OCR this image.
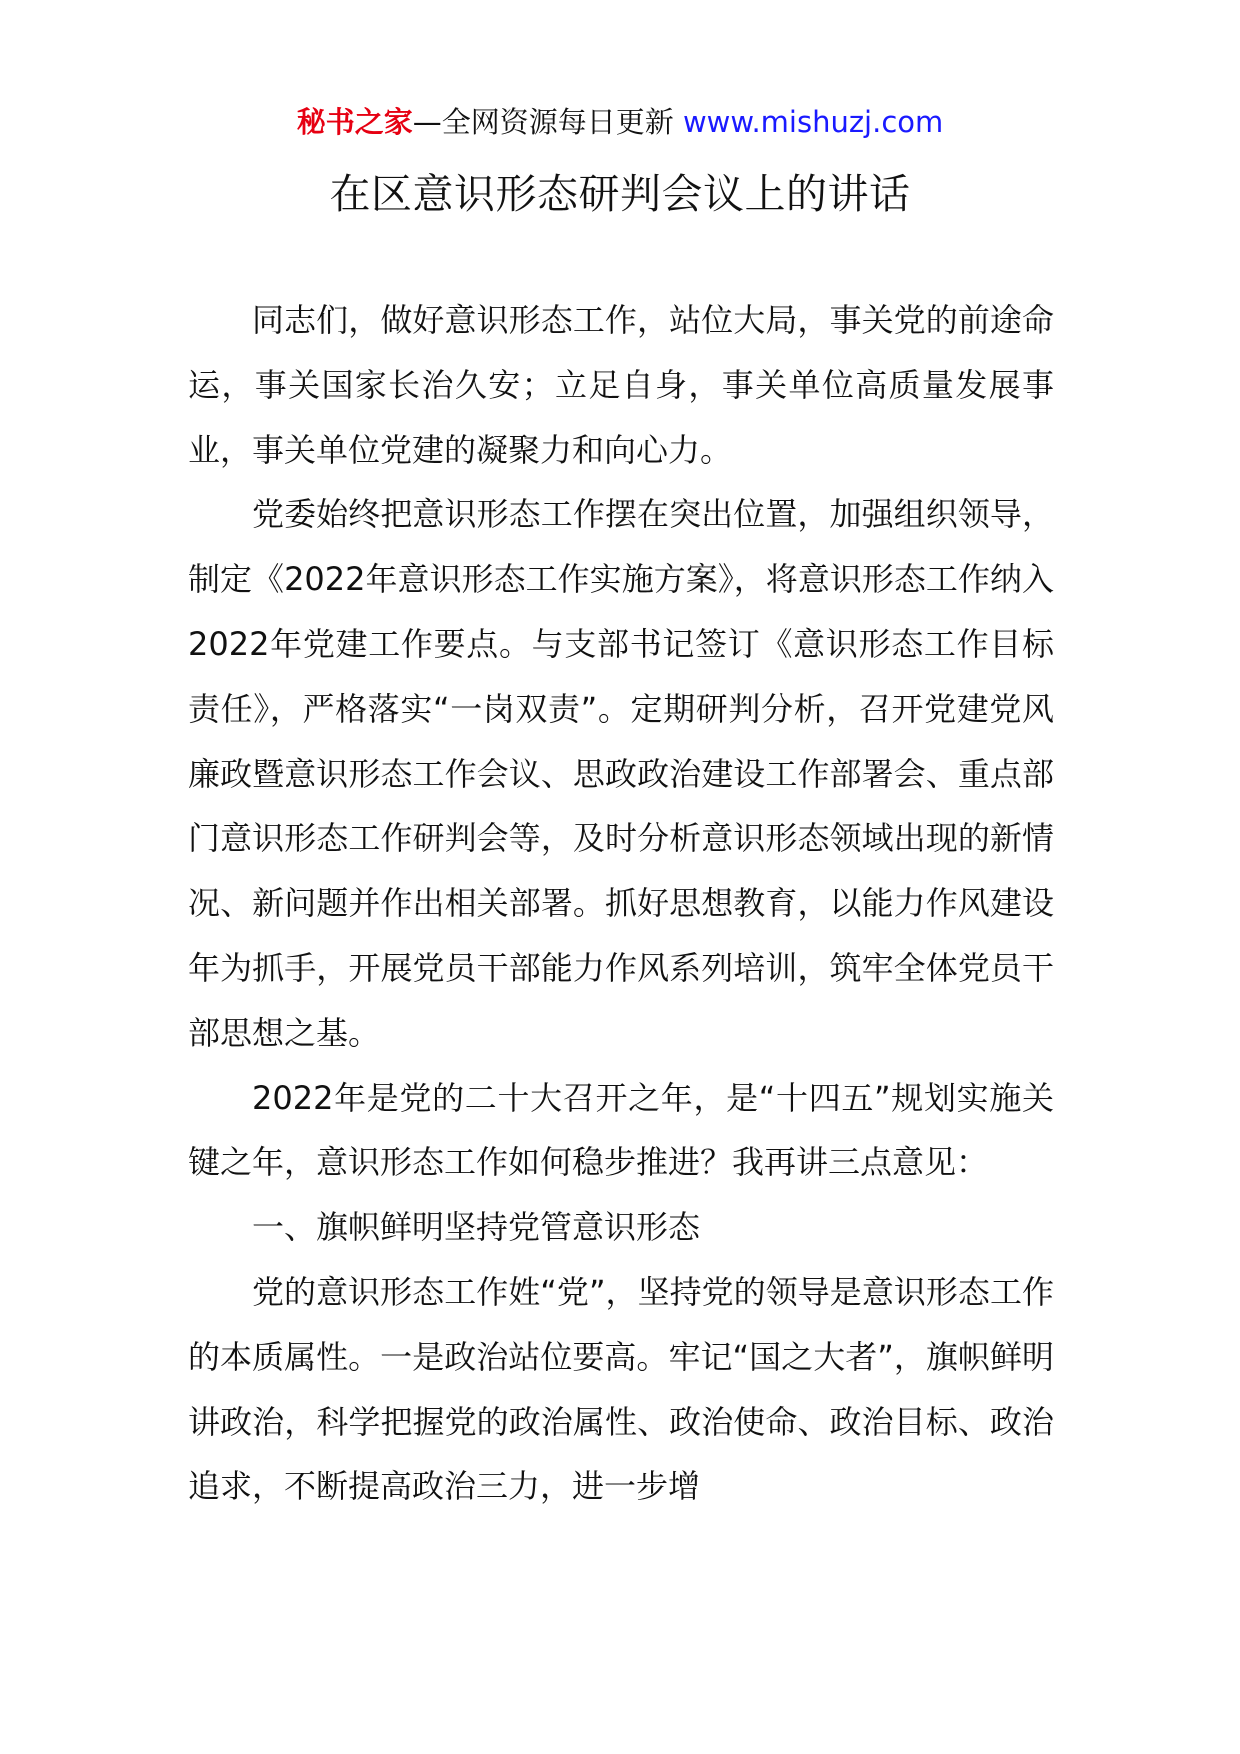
秘书之家—全网资源每日更新 www.mishuzj.com
在区意识形态研判会议上的讲话

同志们，做好意识形态工作，站位大局，事关党的前途命运，事关国家长治久安；立足自身，事关单位高质量发展事业，事关单位党建的凝聚力和向心力。

党委始终把意识形态工作摆在突出位置，加强组织领导，制定《2022年意识形态工作实施方案》，将意识形态工作纳入2022年党建工作要点。与支部书记签订《意识形态工作目标责任》，严格落实“一岗双责”。定期研判分析，召开党建党风廉政暨意识形态工作会议、思政政治建设工作部署会、重点部门意识形态工作研判会等，及时分析意识形态领域出现的新情况、新问题并作出相关部署。抓好思想教育，以能力作风建设年为抓手，开展党员干部能力作风系列培训，筑牢全体党员干部思想之基。

2022年是党的二十大召开之年，是“十四五”规划实施关键之年，意识形态工作如何稳步推进？我再讲三点意见：

一、旗帜鲜明坚持党管意识形态

党的意识形态工作姓“党”，坚持党的领导是意识形态工作的本质属性。一是政治站位要高。牢记“国之大者”，旗帜鲜明讲政治，科学把握党的政治属性、政治使命、政治目标、政治追求，不断提高政治三力，进一步增
